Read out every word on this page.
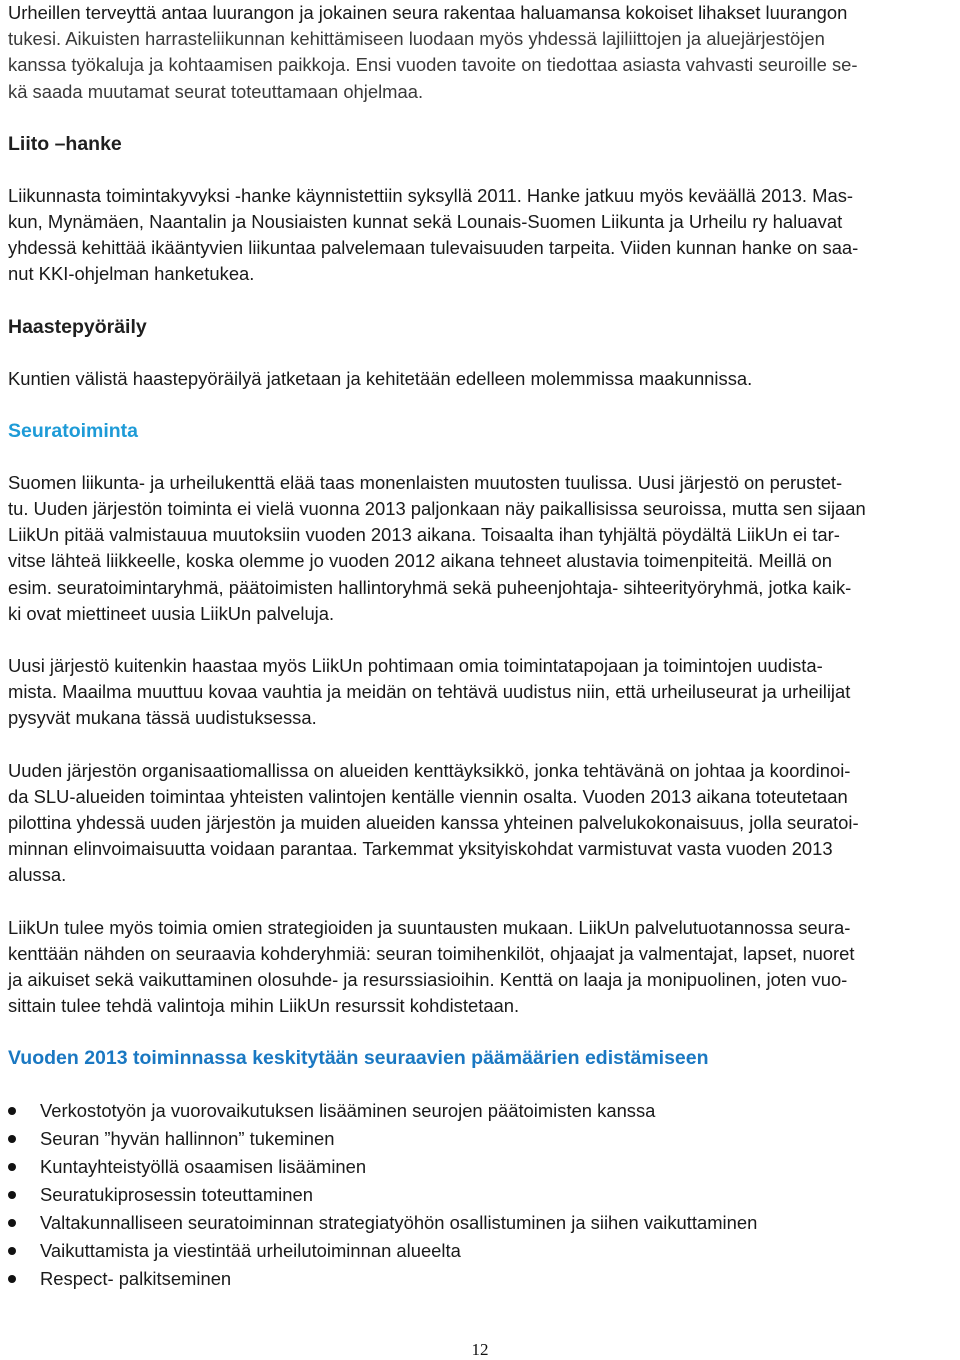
Urheillen terveyttä antaa luurangon ja jokainen seura rakentaa haluamansa kokoiset lihakset luurangon
tukesi. Aikuisten harrasteliikunnan kehittämiseen luodaan myös yhdessä lajiliittojen ja aluejärjestöjen
kanssa työkaluja ja kohtaamisen paikkoja. Ensi vuoden tavoite on tiedottaa asiasta vahvasti seuroille se-
kä saada muutamat seurat toteuttamaan ohjelmaa.
Liito –hanke
Liikunnasta toimintakyvyksi -hanke käynnistettiin syksyllä 2011. Hanke jatkuu myös keväällä 2013. Mas-
kun, Mynämäen, Naantalin ja Nousiaisten kunnat sekä Lounais-Suomen Liikunta ja Urheilu ry haluavat
yhdessä kehittää ikääntyvien liikuntaa palvelemaan tulevaisuuden tarpeita. Viiden kunnan hanke on saa-
nut KKI-ohjelman hanketukea.
Haastepyöräily
Kuntien välistä haastepyöräilyä jatketaan ja kehitetään edelleen molemmissa maakunnissa.
Seuratoiminta
Suomen liikunta- ja urheilukenttä elää taas monenlaisten muutosten tuulissa. Uusi järjestö on perustet-
tu. Uuden järjestön toiminta ei vielä vuonna 2013 paljonkaan näy paikallisissa seuroissa, mutta sen sijaan
LiikUn pitää valmistauua muutoksiin vuoden 2013 aikana. Toisaalta ihan tyhjältä pöydältä LiikUn ei tar-
vitse lähteä liikkeelle, koska olemme jo vuoden 2012 aikana tehneet alustavia toimenpiteitä. Meillä on
esim. seuratoimintaryhmä, päätoimisten hallintoryhmä sekä puheenjohtaja- sihteerityöryhmä, jotka kaik-
ki ovat miettineet uusia LiikUn palveluja.
Uusi järjestö kuitenkin haastaa myös LiikUn pohtimaan omia toimintatapojaan ja toimintojen uudista-
mista. Maailma muuttuu kovaa vauhtia ja meidän on tehtävä uudistus niin, että urheiluseurat ja urheilijat
pysyvät mukana tässä uudistuksessa.
Uuden järjestön organisaatiomallissa on alueiden kenttäyksikkö, jonka tehtävänä on johtaa ja koordinoi-
da SLU-alueiden toimintaa yhteisten valintojen kentälle viennin osalta. Vuoden 2013 aikana toteutetaan
pilottina yhdessä uuden järjestön ja muiden alueiden kanssa yhteinen palvelukokonaisuus, jolla seuratoi-
minnan elinvoimaisuutta voidaan parantaa. Tarkemmat yksityiskohdat varmistuvat vasta vuoden 2013
alussa.
LiikUn tulee myös toimia omien strategioiden ja suuntausten mukaan. LiikUn palvelutuotannossa seura-
kenttään nähden on seuraavia kohderyhmiä: seuran toimihenkilöt, ohjaajat ja valmentajat, lapset, nuoret
ja aikuiset sekä vaikuttaminen olosuhde- ja resurssiasioihin. Kenttä on laaja ja monipuolinen, joten vuo-
sittain tulee tehdä valintoja mihin LiikUn resurssit kohdistetaan.
Vuoden 2013 toiminnassa keskitytään seuraavien päämäärien edistämiseen
Verkostotyön ja vuorovaikutuksen lisääminen seurojen päätoimisten kanssa
Seuran ”hyvän hallinnon” tukeminen
Kuntayhteistyöllä osaamisen lisääminen
Seuratukiprosessin toteuttaminen
Valtakunnalliseen seuratoiminnan strategiatyöhön osallistuminen ja siihen vaikuttaminen
Vaikuttamista ja viestintää urheilutoiminnan alueelta
Respect- palkitseminen
12
